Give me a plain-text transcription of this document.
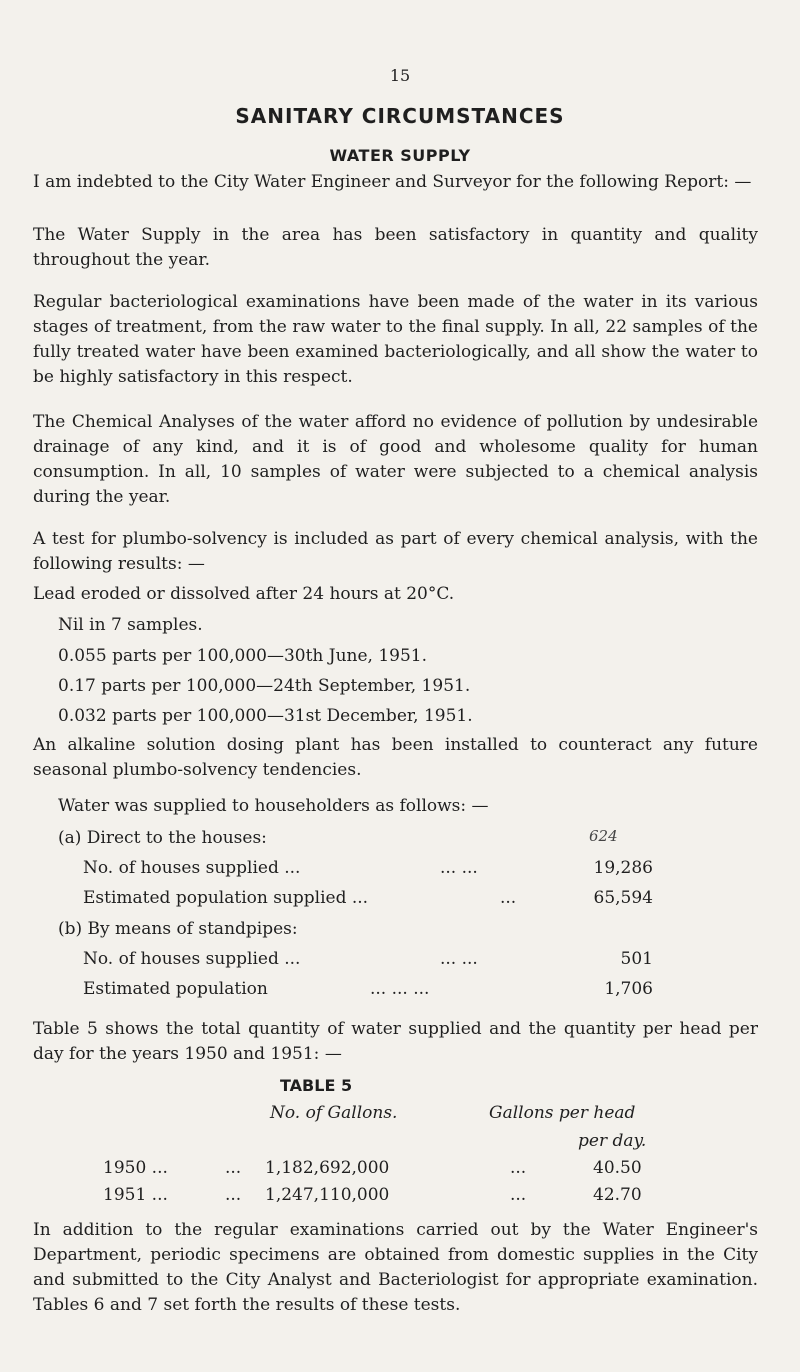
15
SANITARY CIRCUMSTANCES
WATER SUPPLY
I am indebted to the City Water Engineer and Surveyor for the following Report: —
The Water Supply in the area has been satisfactory in quantity and quality throughout the year.
Regular bacteriological examinations have been made of the water in its various stages of treatment, from the raw water to the final supply. In all, 22 samples of the fully treated water have been examined bacteriologically, and all show the water to be highly satisfactory in this respect.
The Chemical Analyses of the water afford no evidence of pollution by undesirable drainage of any kind, and it is of good and wholesome quality for human consumption. In all, 10 samples of water were subjected to a chemical analysis during the year.
A test for plumbo-solvency is included as part of every chemical analysis, with the following results: —
Lead eroded or dissolved after 24 hours at 20°C.
Nil in 7 samples.
0.055 parts per 100,000—30th June, 1951.
0.17 parts per 100,000—24th September, 1951.
0.032 parts per 100,000—31st December, 1951.
An alkaline solution dosing plant has been installed to counteract any future seasonal plumbo-solvency tendencies.
Water was supplied to householders as follows: —
(a) Direct to the houses:	624
No. of houses supplied ...	... ...	19,286
Estimated population supplied ...	...	65,594
(b) By means of standpipes:
No. of houses supplied ...	... ...	501
Estimated population	... ... ...	1,706
Table 5 shows the total quantity of water supplied and the quantity per head per day for the years 1950 and 1951: —
TABLE 5
No. of Gallons.	Gallons per head
per day.
1950 ...	... 1,182,692,000	...	40.50
1951 ...	... 1,247,110,000	...	42.70
In addition to the regular examinations carried out by the Water Engineer's Department, periodic specimens are obtained from domestic supplies in the City and submitted to the City Analyst and Bacteriologist for appropriate examination. Tables 6 and 7 set forth the results of these tests.
